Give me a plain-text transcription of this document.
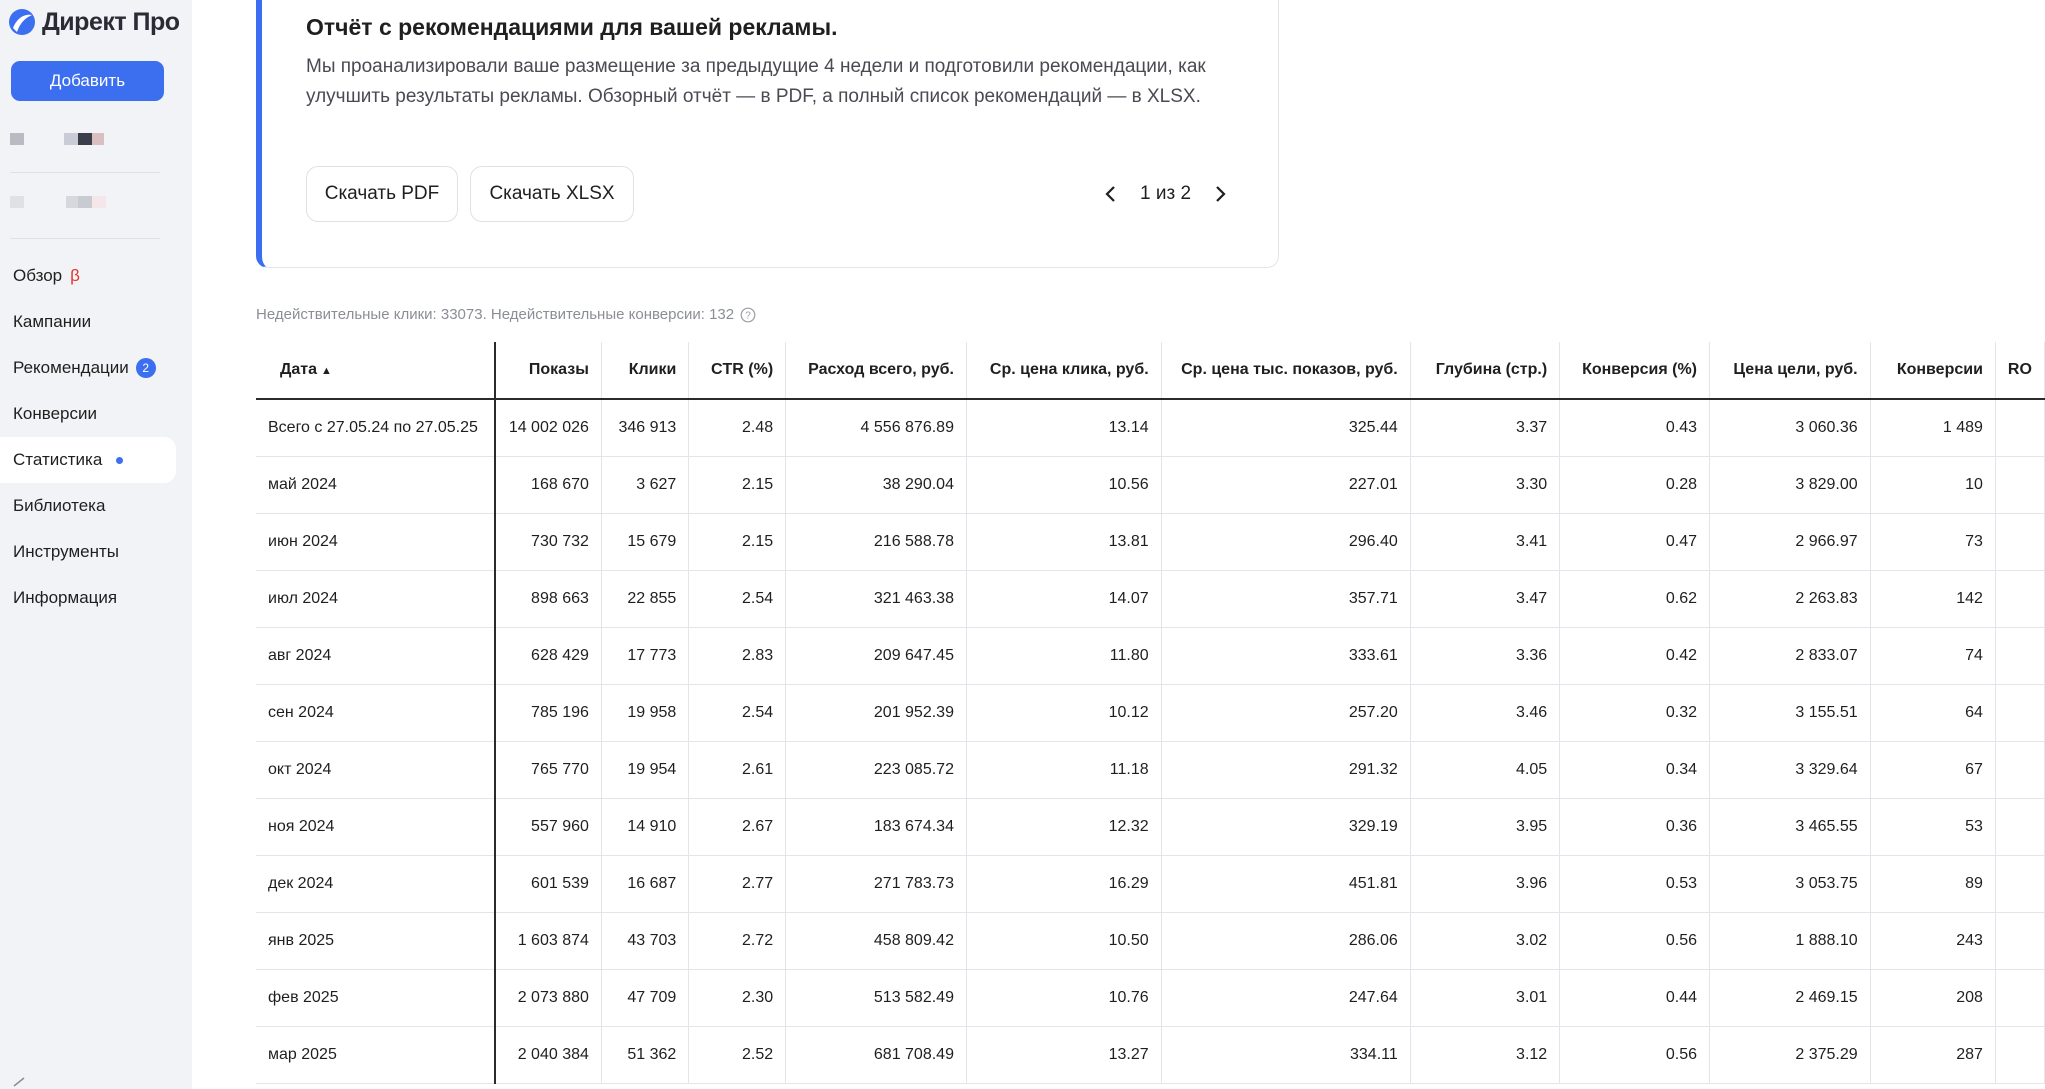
Директ Про
Добавить
Обзор β
Кампании
Рекомендации	2
Конверсии
Статистика
Библиотека
Инструменты
Информация
Отчёт с рекомендациями для вашей рекламы.
Мы проанализировали ваше размещение за предыдущие 4 недели и подготовили рекомендации, как улучшить результаты рекламы. Обзорный отчёт — в PDF, а полный список рекомендаций — в XLSX.
Скачать PDF	Скачать XLSX	1 из 2
Недействительные клики: 33073. Недействительные конверсии: 132 ?
Всего с 27.05.24 по 27.05.25	14 002 026	346 913	2.48	4 556 876.89	13.14	325.44	3.37	0.43	3 060.36	1 489	
Дата ▲	Показы	Клики	CTR (%)	Расход всего, руб.	Ср. цена клика, руб.	Ср. цена тыс. показов, руб.	Глубина (стр.)	Конверсия (%)	Цена цели, руб.	Конверсии	RO
май 2024	168 670	3 627	2.15	38 290.04	10.56	227.01	3.30	0.28	3 829.00	10	
июн 2024	730 732	15 679	2.15	216 588.78	13.81	296.40	3.41	0.47	2 966.97	73	
июл 2024	898 663	22 855	2.54	321 463.38	14.07	357.71	3.47	0.62	2 263.83	142	
авг 2024	628 429	17 773	2.83	209 647.45	11.80	333.61	3.36	0.42	2 833.07	74	
сен 2024	785 196	19 958	2.54	201 952.39	10.12	257.20	3.46	0.32	3 155.51	64	
окт 2024	765 770	19 954	2.61	223 085.72	11.18	291.32	4.05	0.34	3 329.64	67	
ноя 2024	557 960	14 910	2.67	183 674.34	12.32	329.19	3.95	0.36	3 465.55	53	
дек 2024	601 539	16 687	2.77	271 783.73	16.29	451.81	3.96	0.53	3 053.75	89	
янв 2025	1 603 874	43 703	2.72	458 809.42	10.50	286.06	3.02	0.56	1 888.10	243	
фев 2025	2 073 880	47 709	2.30	513 582.49	10.76	247.64	3.01	0.44	2 469.15	208	
мар 2025	2 040 384	51 362	2.52	681 708.49	13.27	334.11	3.12	0.56	2 375.29	287	
